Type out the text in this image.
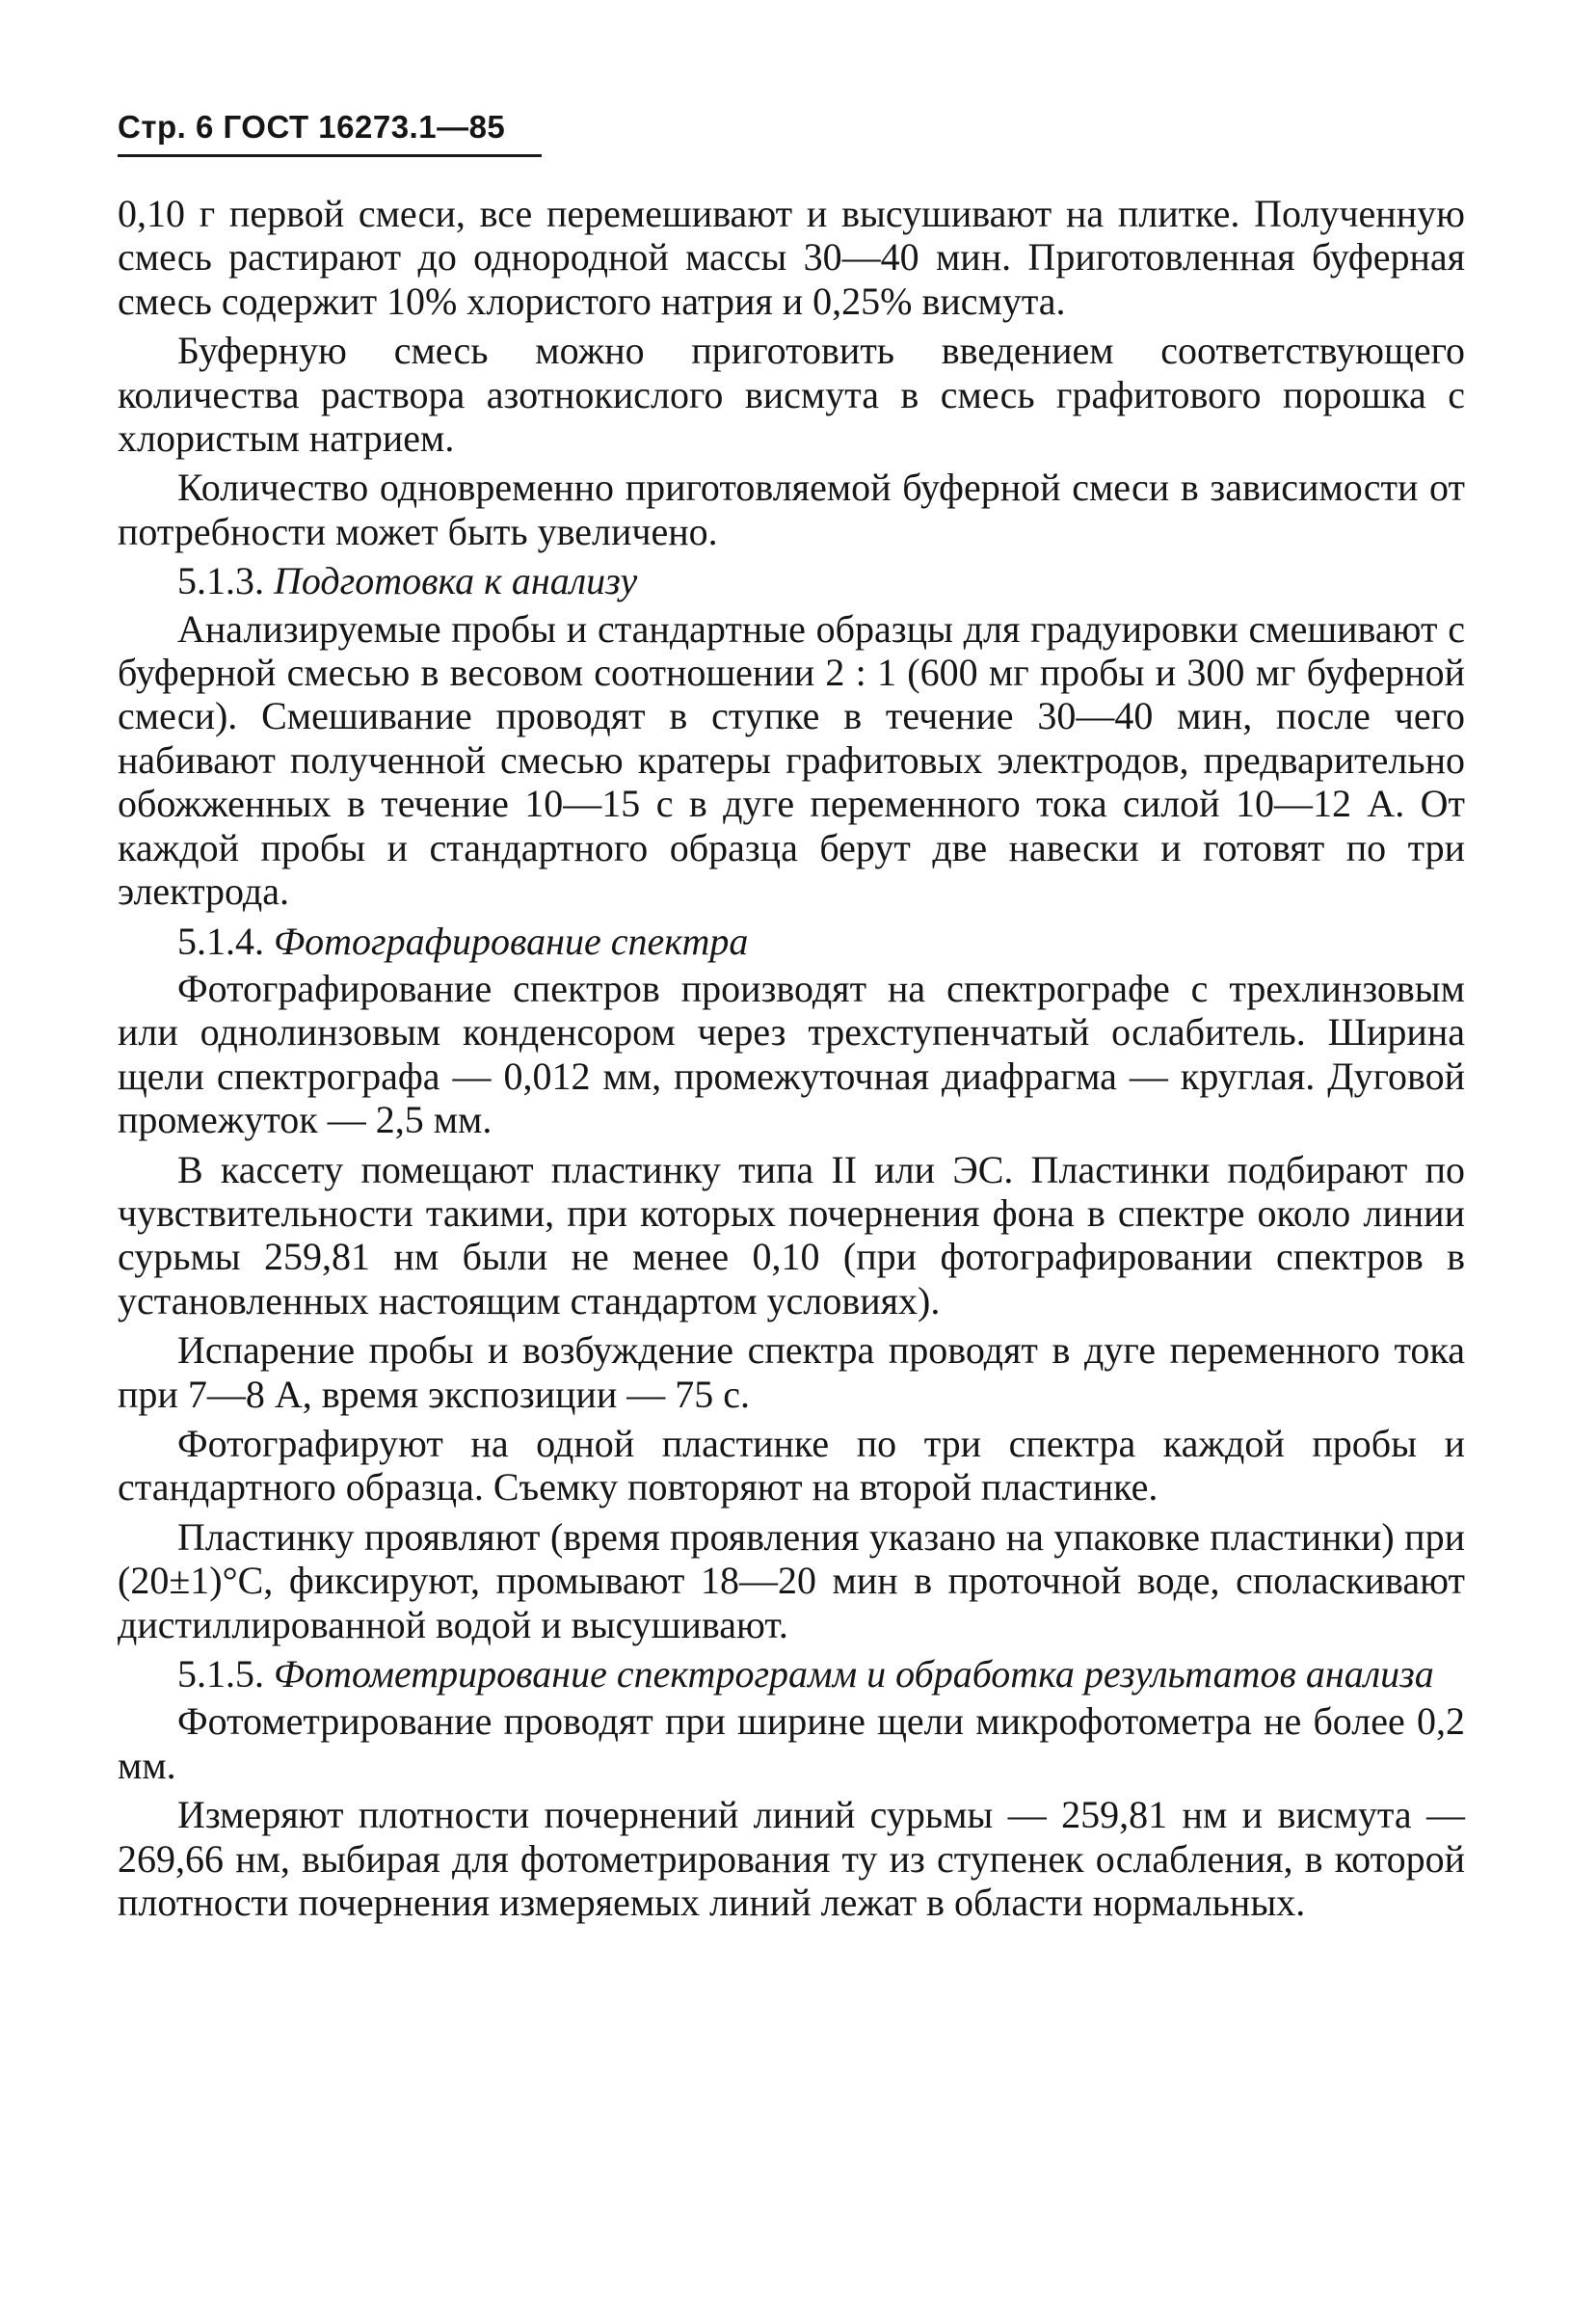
Стр. 6 ГОСТ 16273.1—85

0,10 г первой смеси, все перемешивают и высушивают на плитке. Полученную смесь растирают до однородной массы 30—40 мин. Приготовленная буферная смесь содержит 10% хлористого натрия и 0,25% висмута.

Буферную смесь можно приготовить введением соответствующего количества раствора азотнокислого висмута в смесь графитового порошка с хлористым натрием.

Количество одновременно приготовляемой буферной смеси в зависимости от потребности может быть увеличено.

5.1.3. Подготовка к анализу

Анализируемые пробы и стандартные образцы для градуировки смешивают с буферной смесью в весовом соотношении 2 : 1 (600 мг пробы и 300 мг буферной смеси). Смешивание проводят в ступке в течение 30—40 мин, после чего набивают полученной смесью кратеры графитовых электродов, предварительно обожженных в течение 10—15 с в дуге переменного тока силой 10—12 А. От каждой пробы и стандартного образца берут две навески и готовят по три электрода.

5.1.4. Фотографирование спектра

Фотографирование спектров производят на спектрографе с трехлинзовым или однолинзовым конденсором через трехступенчатый ослабитель. Ширина щели спектрографа — 0,012 мм, промежуточная диафрагма — круглая. Дуговой промежуток — 2,5 мм.

В кассету помещают пластинку типа II или ЭС. Пластинки подбирают по чувствительности такими, при которых почернения фона в спектре около линии сурьмы 259,81 нм были не менее 0,10 (при фотографировании спектров в установленных настоящим стандартом условиях).

Испарение пробы и возбуждение спектра проводят в дуге переменного тока при 7—8 А, время экспозиции — 75 с.

Фотографируют на одной пластинке по три спектра каждой пробы и стандартного образца. Съемку повторяют на второй пластинке.

Пластинку проявляют (время проявления указано на упаковке пластинки) при (20±1)°С, фиксируют, промывают 18—20 мин в проточной воде, споласкивают дистиллированной водой и высушивают.

5.1.5. Фотометрирование спектрограмм и обработка результатов анализа

Фотометрирование проводят при ширине щели микрофотометра не более 0,2 мм.

Измеряют плотности почернений линий сурьмы — 259,81 нм и висмута — 269,66 нм, выбирая для фотометрирования ту из ступенек ослабления, в которой плотности почернения измеряемых линий лежат в области нормальных.
